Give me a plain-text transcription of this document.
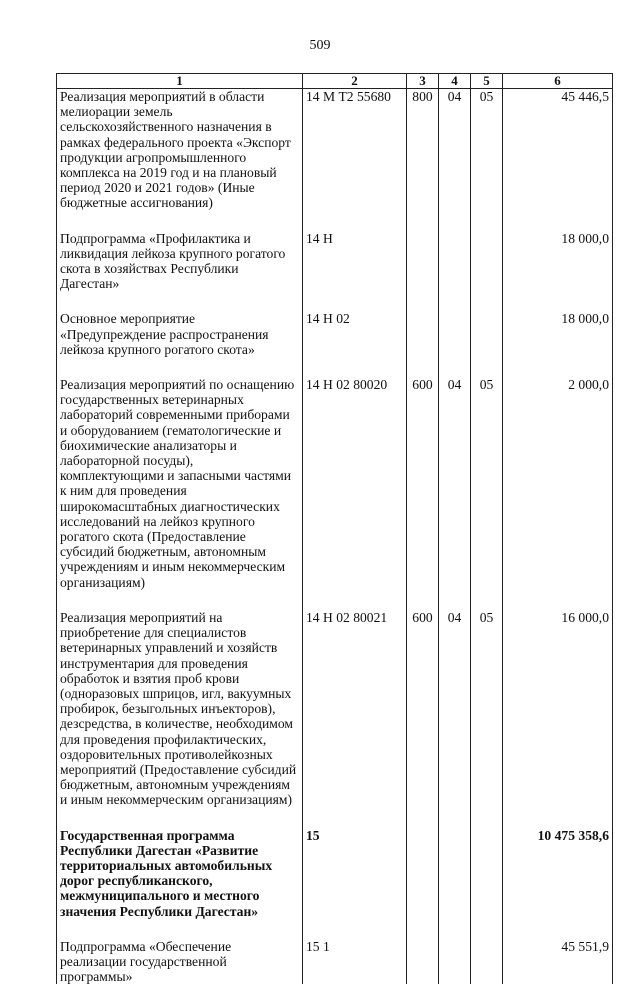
509
1	2	3	4	5	6
Реализация мероприятий в области мелиорации земель сельскохозяйственного назначения в рамках федерального проекта «Экспорт продукции агропромышленного комплекса на 2019 год и на плановый период 2020 и 2021 годов» (Иные бюджетные ассигнования)	14 М Т2 55680	800	04	05	45 446,5

Подпрограмма «Профилактика и ликвидация лейкоза крупного рогатого скота в хозяйствах Республики Дагестан»	14 Н				18 000,0

Основное мероприятие «Предупреждение распространения лейкоза крупного рогатого скота»	14 Н 02				18 000,0

Реализация мероприятий по оснащению государственных ветеринарных лабораторий современными приборами и оборудованием (гематологические и биохимические анализаторы и лабораторной посуды), комплектующими и запасными частями к ним для проведения широкомасштабных диагностических исследований на лейкоз крупного рогатого скота (Предоставление субсидий бюджетным, автономным учреждениям и иным некоммерческим организациям)	14 Н 02 80020	600	04	05	2 000,0

Реализация мероприятий на приобретение для специалистов ветеринарных управлений и хозяйств инструментария для проведения обработок и взятия проб крови (одноразовых шприцов, игл, вакуумных пробирок, безыгольных инъекторов), дезсредства, в количестве, необходимом для проведения профилактических, оздоровительных противолейкозных мероприятий (Предоставление субсидий бюджетным, автономным учреждениям и иным некоммерческим организациям)	14 Н 02 80021	600	04	05	16 000,0

Государственная программа Республики Дагестан «Развитие территориальных автомобильных дорог республиканского, межмуниципального и местного значения Республики Дагестан»	15				10 475 358,6

Подпрограмма «Обеспечение реализации государственной программы»	15 1				45 551,9
